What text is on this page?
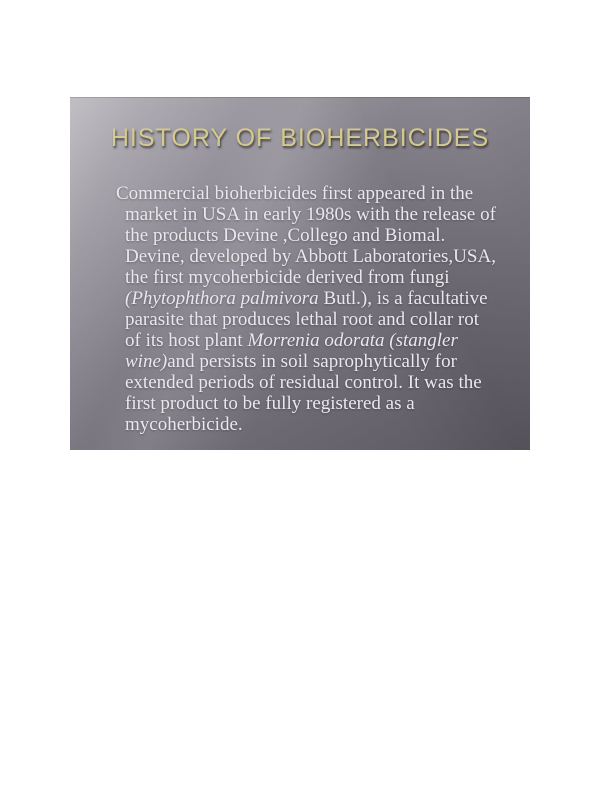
HISTORY OF BIOHERBICIDES
Commercial bioherbicides first appeared in the
market in USA in early 1980s with the release of
the products Devine ,Collego and Biomal.
Devine, developed by Abbott Laboratories,USA,
the first mycoherbicide derived from fungi
(Phytophthora palmivora Butl.), is a facultative
parasite that produces lethal root and collar rot
of its host plant Morrenia odorata (stangler
wine)and persists in soil saprophytically for
extended periods of residual control. It was the
first product to be fully registered as a
mycoherbicide.
